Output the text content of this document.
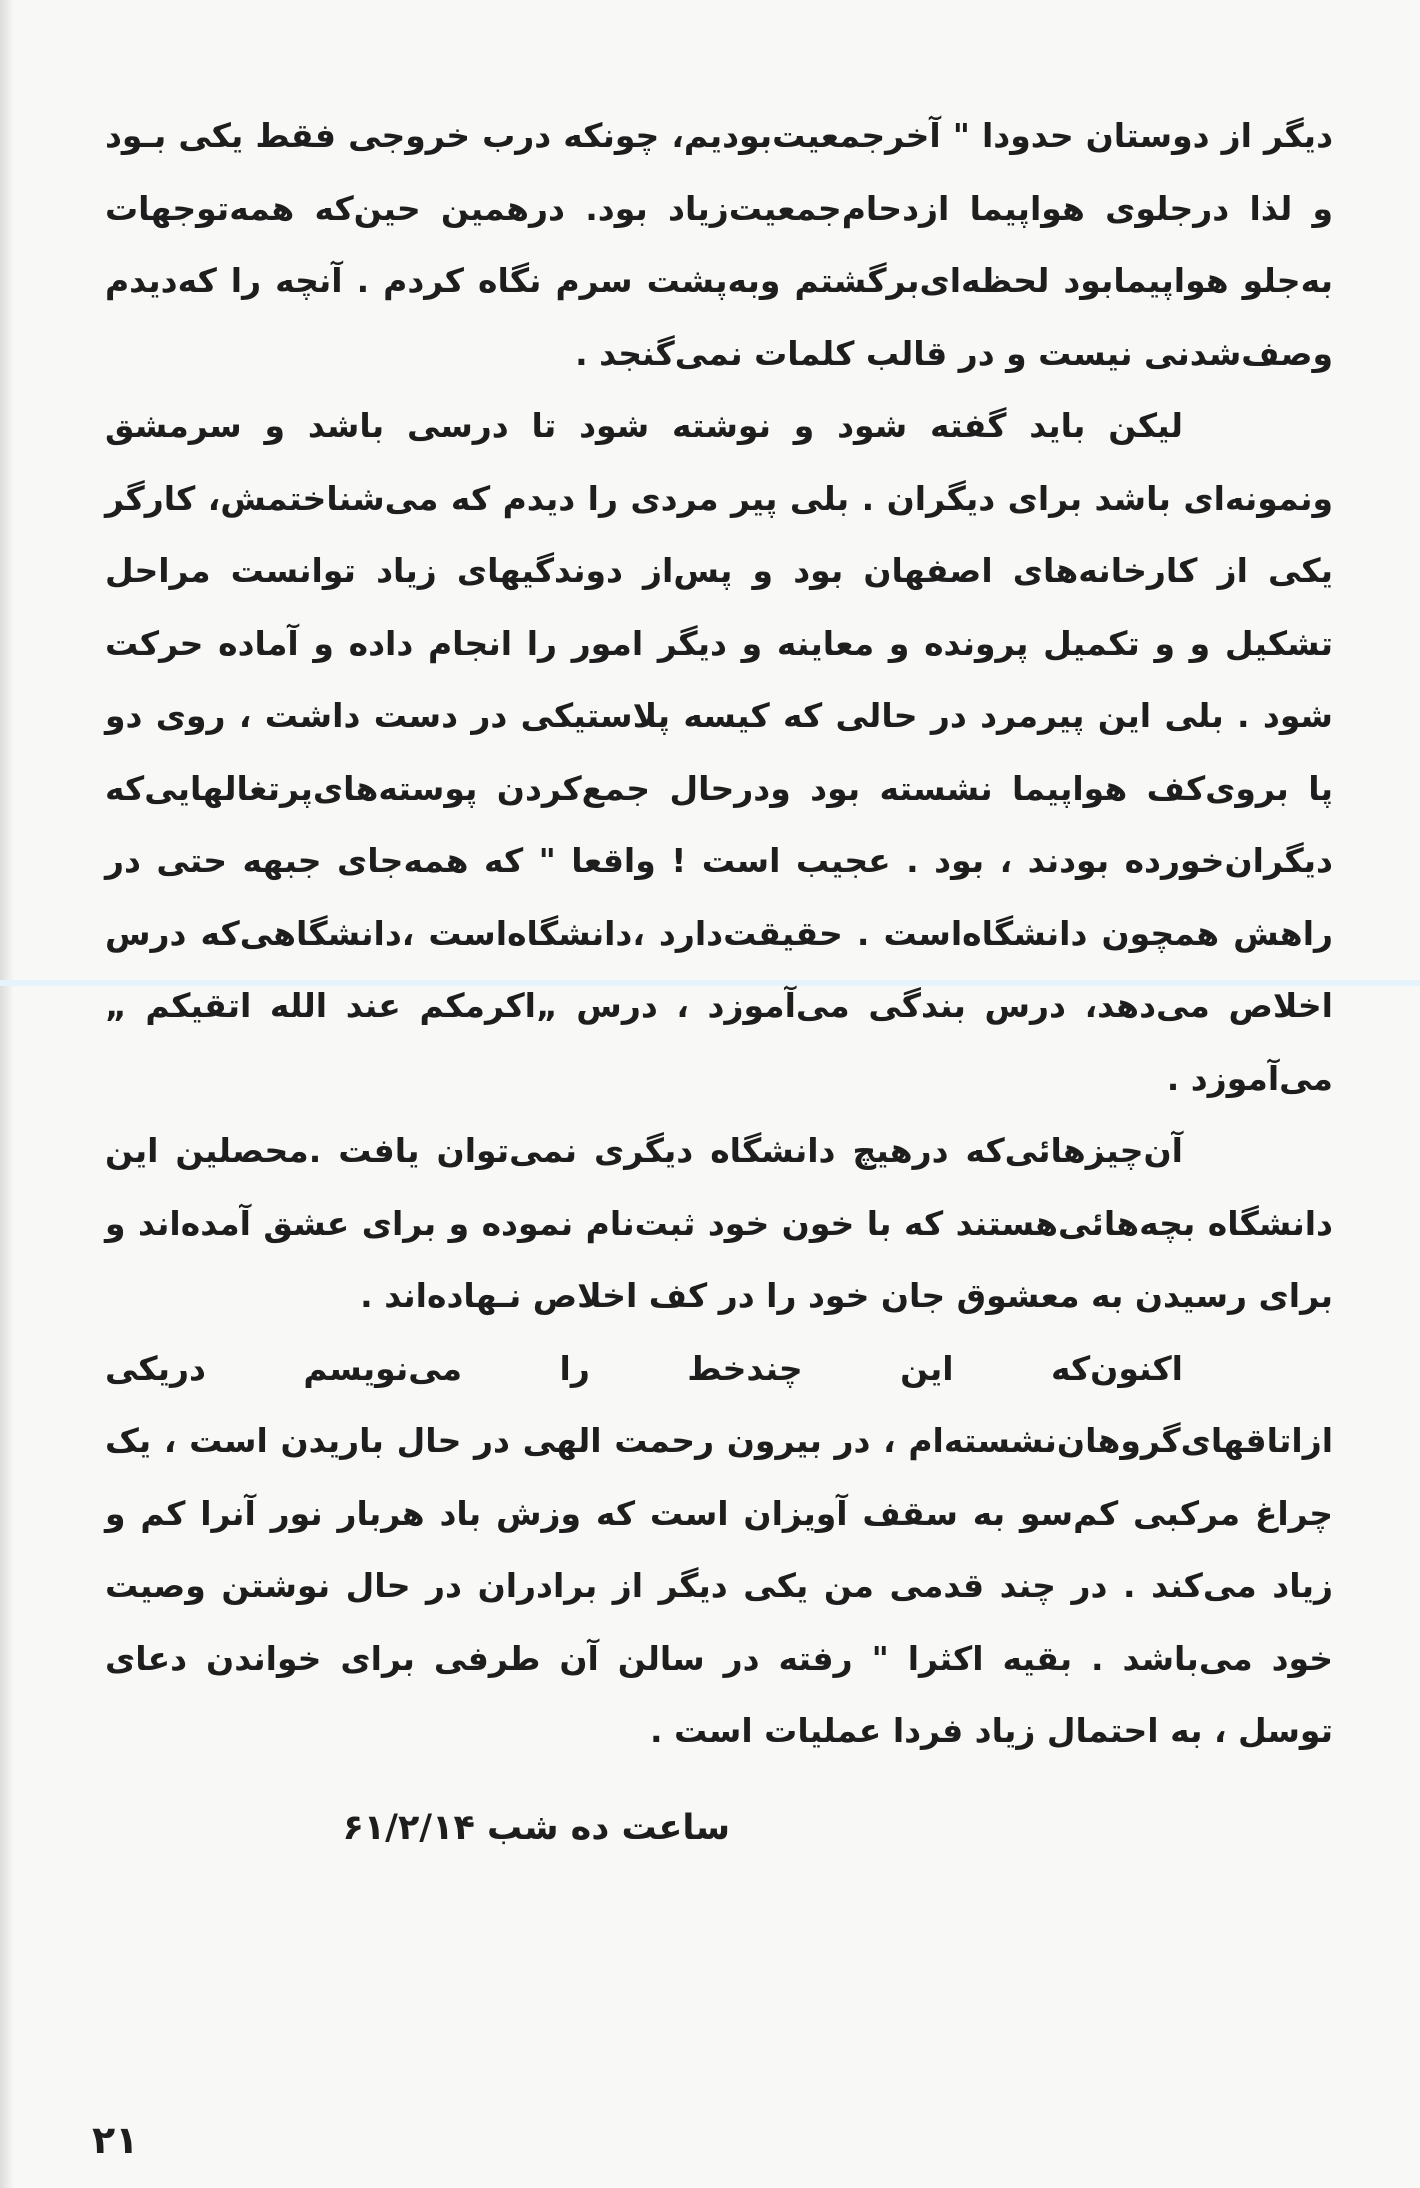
دیگر از دوستان حدودا " آخرجمعیت‌بودیم، چونکه درب خروجی فقط یکی بـود و لذا درجلوی هواپیما ازدحام‌جمعیت‌زیاد بود. درهمین حین‌که همه‌توجهات به‌جلو هواپیمابود لحظه‌ای‌برگشتم وبه‌پشت سرم نگاه کردم . آنچه را که‌دیدم وصف‌شدنی نیست و در قالب کلمات نمی‌گنجد .

لیکن باید گفته شود و نوشته شود تا درسی باشد و سرمشق ونمونه‌ای باشد برای دیگران . بلی پیر مردی را دیدم که می‌شناختمش، کارگر یکی از کارخانه‌های اصفهان بود و پس‌از دوندگیهای زیاد توانست مراحل تشکیل و و تکمیل پرونده و معاینه و دیگر امور را انجام داده و آماده حرکت شود . بلی این پیرمرد در حالی که کیسه پلاستیکی در دست داشت ، روی دو پا بروی‌کف هواپیما نشسته بود ودرحال جمع‌کردن پوسته‌های‌پرتغالهایی‌که دیگران‌خورده بودند ، بود . عجیب است ! واقعا " که همه‌جای جبهه حتی در راهش همچون دانشگاه‌است . حقیقت‌دارد ،دانشگاه‌است ،دانشگاهی‌که درس اخلاص می‌دهد، درس بندگی می‌آموزد ، درس „اکرمکم عند الله اتقیکم „ می‌آموزد .

آن‌چیزهائی‌که درهیچ دانشگاه دیگری نمی‌توان یافت .محصلین این دانشگاه بچه‌هائی‌هستند که با خون خود ثبت‌نام نموده و برای عشق آمده‌اند و برای رسیدن به معشوق جان خود را در کف اخلاص نـهاده‌اند .

اکنون‌که این چندخط را می‌نویسم دریکی ازاتاقهای‌گروهان‌نشسته‌ام ، در بیرون رحمت الهی در حال باریدن است ، یک چراغ مرکبی کم‌سو به سقف آویزان است که وزش باد هربار نور آنرا کم و زیاد می‌کند . در چند قدمی من یکی دیگر از برادران در حال نوشتن وصیت خود می‌باشد . بقیه اکثرا " رفته در سالن آن طرفی برای خواندن دعای توسل ، به احتمال زیاد فردا عملیات است .

ساعت ده شب ۶۱/۲/۱۴
۲۱
